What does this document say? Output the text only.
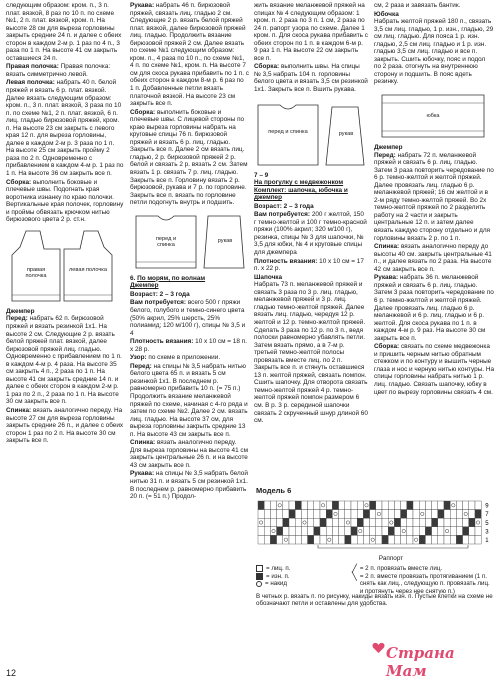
следующим образом: кром. п., 3 п. плат. вязкой, 8 раз по 10 п. по схеме №1, 2 п. плат. вязкой, кром. п. На высоте 28 см для выреза горловины закрыть средние 24 п. и далее с обеих сторон в каждом 2-м р. 1 раз по 4 п., 3 раза по 1 п. На высоте 41 см закрыть оставшиеся 24 п.

Правая полочка: Правая полочка: вязать симметрично левой.

Левая полочка: набрать 40 п. белой пряжей и вязать 6 р. плат. вязкой. Далее вязать следующим образом: кром. п., 3 п. плат. вязкой, 3 раза по 10 п. по схеме №1, 2 п. плат. вязкой, 6 п. лиц. гладью бирюзовой пряжей, кром. п. На высоте 23 см закрыть с левого края 12 п. для выреза горловины, далее в каждом 2-м р. 3 раза по 1 п. На высоте 25 см закрыть пройму 2 раза по 2 п. Одновременно с прибавлением в каждом 4-м р. 1 раз по 1 п. На высоте 36 см закрыть все п.

Сборка: выполнить боковые и плечевые швы. Подогнать края воротника изнанку по краю полочки. Вертикальные края полочек, горловину и проймы обвязать крючком нитью бирюзового цвета 2 р. ст.н.

правая полочка
левая полочка

Джемпер

Перед: набрать 62 п. бирюзовой пряжей и вязать резинкой 1x1. На высоте 2 см. Следующие 2 р. вязать белой пряжей плат. вязкой, далее бирюзовой пряжей лиц. гладью. Одновременно с прибавлением по 1 п. в каждом 4-м р. 4 раза. На высоте 35 см закрыть 4 п., 2 раза по 1 п. На высоте 41 см закрыть средние 14 п. и далее с обеих сторон в каждом 2-м р. 1 раз по 2 п., 2 раза по 1 п. На высоте 30 см закрыть все п.

Спинка: вязать аналогично переду. На высоте 27 см для выреза горловины закрыть средние 26 п., и далее с обеих сторон 1 раз по 2 п. На высоте 30 см закрыть все п.

Рукава: набрать 46 п. бирюзовой пряжей, связать лиц. гладью 2 см. Следующие 2 р. вязать белой пряжей плат. вязкой, далее бирюзовой пряжей лиц. гладью. Продолжить вязание бирюзовой пряжей 2 см. Далее вязать по схеме №1 следующим образом: кром. п., 4 раза по 10 п., по схеме №1, 4 п. по схеме №1, кром. п. На высоте 7 см для скоса рукава прибавить по 1 п. с обеих сторон в каждом 8-м р. 6 раз по 1 п. Добавленные петли вязать платочной вязкой. На высоте 23 см закрыть все п.

Сборка: выполнить боковые и плечевые швы. С лицевой стороны по краю выреза горловины набрать на круговые спицы 76 п. бирюзовой пряжей и вязать 6 р. лиц. гладью. Закрыть все п. Далее 2 см вязать лиц. гладью, 2 р. бирюзовой пряжей 2 р. белой и связать 2 р. вязать 2 см. Затем вязать 1 р. связать 7 р. лиц. гладью. Закрыть все п. Горловину вязать 2 р. бирюзовой, рукава и 7 р. по горловине. Закрыть все п. вязать по горловине петли подогнуть внутрь и подшить.

перед и спинка
рукав

6. По морям, по волнам
Джемпер

Возраст: 2 – 3 года

Вам потребуется: всего 500 г пряжи белого, голубого и темно-синего цвета (50% акрил, 25% шерсть, 25% полиамид; 120 м/100 г), спицы № 3,5 и 4

Плотность вязания: 10 x 10 см = 18 п. x 28 р.

Узор: по схеме в приложении.

Перед: на спицы № 3,5 набрать нитью белого цвета 65 п. и вязать 5 см резинкой 1x1. В последнем р. равномерно прибавить 10 п. (= 75 п.) Продолжить вязание меланжевой пряжей по схеме, начиная с 4-го ряда и затем по схеме №2. Далее 2 см. вязать лиц. гладью. На высоте 37 см, для выреза горловины закрыть средние 13 п. На высоте 43 см закрыть все п.

Спинка: вязать аналогично переду. Для выреза горловины на высоте 41 см закрыть центральные 26 п. и на высоте 43 см закрыть все п.

Рукава: на спицы № 3,5 набрать белой нитью 31 п. и вязать 5 см резинкой 1x1. В последнем р. равномерно прибавить 20 п. (= 51 п.) Продол-

жить вязание меланжевой пряжей на спицах № 4 следующим образом: 1 кром. п. 2 раза по 3 п. 1 см, 2 раза по 24 п. рапорт узора по схеме. Далее 1 кром. п. Для скоса рукава прибавить с обеих сторон по 1 п. в каждом 6-м р. 9 раз 1 п. На высоте 22 см закрыть все п.

Сборка: выполнить швы. На спицы № 3,5 набрать 104 п. горловины белого цвета и вязать 3,5 см резинкой 1x1. Закрыть все п. Вшить рукава.

перед и спинка	рукав

7 – 9
На прогулку с медвежонком
Комплект: шапочка, юбочка и джемпер

Возраст: 2 – 3 года

Вам потребуется: 200 г желтой, 150 г темно-желтой и 100 г темно-красной пряжи (100% акрил; 320 м/100 г), резинка, спицы № 3 для шапочки, № 3,5 для юбки, № 4 и круговые спицы для джемпера

Плотность вязания: 10 x 10 см = 17 п. x 22 р.

Шапочка

Набрать 73 п. меланжевой пряжей и связать 3 раза по 3 р. лиц. гладью, меланжевой пряжей и 3 р. лиц. гладью темно-желтой пряжей. Далее вязать лиц. гладью, чередуя 12 р. желтой и 12 р. темно-желтой пряжей. Сделать 3 раза по 12 р. по 3 п., ведя полоски равномерно убавлять петли. Затем вязать прямо, а в 7-м р. третьей темно-желтой полосы провязать вместе лиц. по 2 п. Закрыть все п. и стянуть оставшиеся 13 п. желтой пряжей, связать помпон. Сшить шапочку. Для отворота связать темно-желтой пряжей 4 р. темно-желтой пряжей помпон размером 6 см. В р. 3 р. серединой шапочки связать 2 скрученный шнур длиной 60 см.

см, 2 раза и завязать бантик.

Юбочка

Набрать желтой пряжей 180 п., связать 3,5 см лиц. гладью, 1 р. изн., гладью, 29 см лиц. гладью. Для пояса 1 р. изн. гладью, 2,5 см лиц. гладью и 1 р. изн. гладью 3,5 см лиц. гладью и все п. закрыть. Сшить юбочку, пояс и подол по 2 раза. отогнуть на внутреннюю сторону и подшить. В пояс вдеть резинку.

юбка

Джемпер

Перед: набрать 72 п. меланжевой пряжей и связать 6 р. лиц. гладью. Затем 3 раза повторить чередование по 6 р. темно-желтой и желтой пряжей. Далее провязать лиц. гладью 6 р. меланжевой пряжей; 16 см желтой и в 2-м ряду темно-желтой пряжей. Во 2x темно-желтой пряжей по 2 разделить работу на 2 части и закрыть центральные 12 п. и затем далее вязать каждую сторону отдельно и для горловины вязать 2 р. по 1 п.

Спинка: вязать аналогично переду до высоты 40 см. закрыть центральные 41 п., и далее вязать по 2 раза. На высоте 42 см закрыть все п.

Рукава: набрать 36 п. меланжевой пряжей и связать 6 р. лиц. гладью. Затем 3 раза повторить чередование по 6 р. темно-желтой и желтой пряжей. Далее провязать лиц. гладью 6 р. меланжевой и 6 р. лиц. гладью и 6 р. желтой. Для скоса рукава по 1 п. в каждом 4-м р. 9 раз. На высоте 30 см закрыть все п.

Сборка: связать по схеме медвежонка и пришить черным нитью обратным стежком и по контуру и вышить черные глаза и нос и черную нитью контуры. На спицы горловины набрать нитью 1 р. лиц. гладью. Связать шапочку, юбку в цвет по вырезу горловины связать 4 см.

Модель 6
9
7
5
3
1
Раппорт
= лиц. п.
= изн. п.
= накид
╱ = 2 п. провязать вместе лиц.
╲ = 2 п. вместе провязать протягиванием (1 п. снять как лиц., следующую п. провязать лиц. и протянуть через нее снятую п.)
В четных р. вязать п. по рисунку, накиды вязать изн. п. Пустые клетки на схеме не обозначают петли и оставлены для удобства.
Страна Мам
12
